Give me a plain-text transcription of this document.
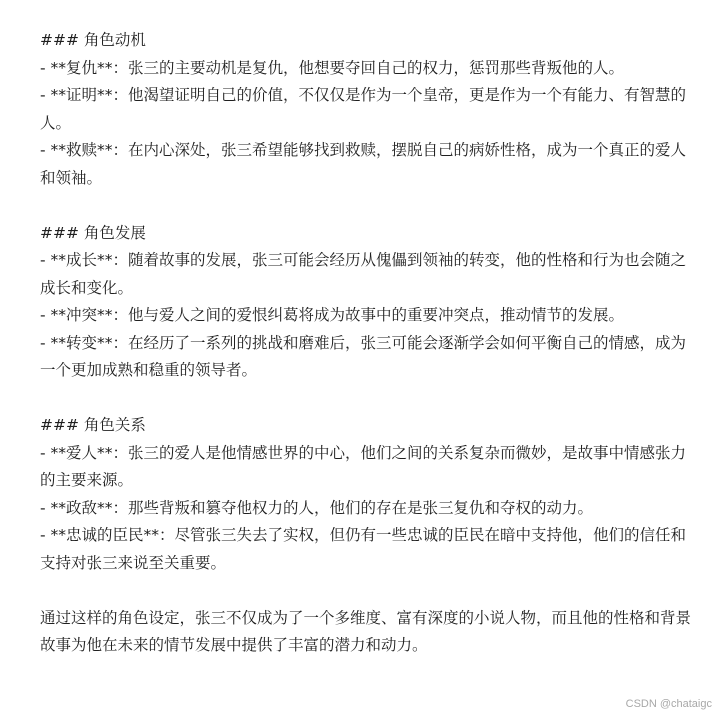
### 角色动机

- **复仇**：张三的主要动机是复仇，他想要夺回自己的权力，惩罚那些背叛他的人。

- **证明**：他渴望证明自己的价值，不仅仅是作为一个皇帝，更是作为一个有能力、有智慧的人。

- **救赎**：在内心深处，张三希望能够找到救赎，摆脱自己的病娇性格，成为一个真正的爱人和领袖。

### 角色发展

- **成长**：随着故事的发展，张三可能会经历从傀儡到领袖的转变，他的性格和行为也会随之成长和变化。

- **冲突**：他与爱人之间的爱恨纠葛将成为故事中的重要冲突点，推动情节的发展。

- **转变**：在经历了一系列的挑战和磨难后，张三可能会逐渐学会如何平衡自己的情感，成为一个更加成熟和稳重的领导者。

### 角色关系

- **爱人**：张三的爱人是他情感世界的中心，他们之间的关系复杂而微妙，是故事中情感张力的主要来源。

- **政敌**：那些背叛和篡夺他权力的人，他们的存在是张三复仇和夺权的动力。

- **忠诚的臣民**：尽管张三失去了实权，但仍有一些忠诚的臣民在暗中支持他，他们的信任和支持对张三来说至关重要。

通过这样的角色设定，张三不仅成为了一个多维度、富有深度的小说人物，而且他的性格和背景故事为他在未来的情节发展中提供了丰富的潜力和动力。

CSDN @chataigc
